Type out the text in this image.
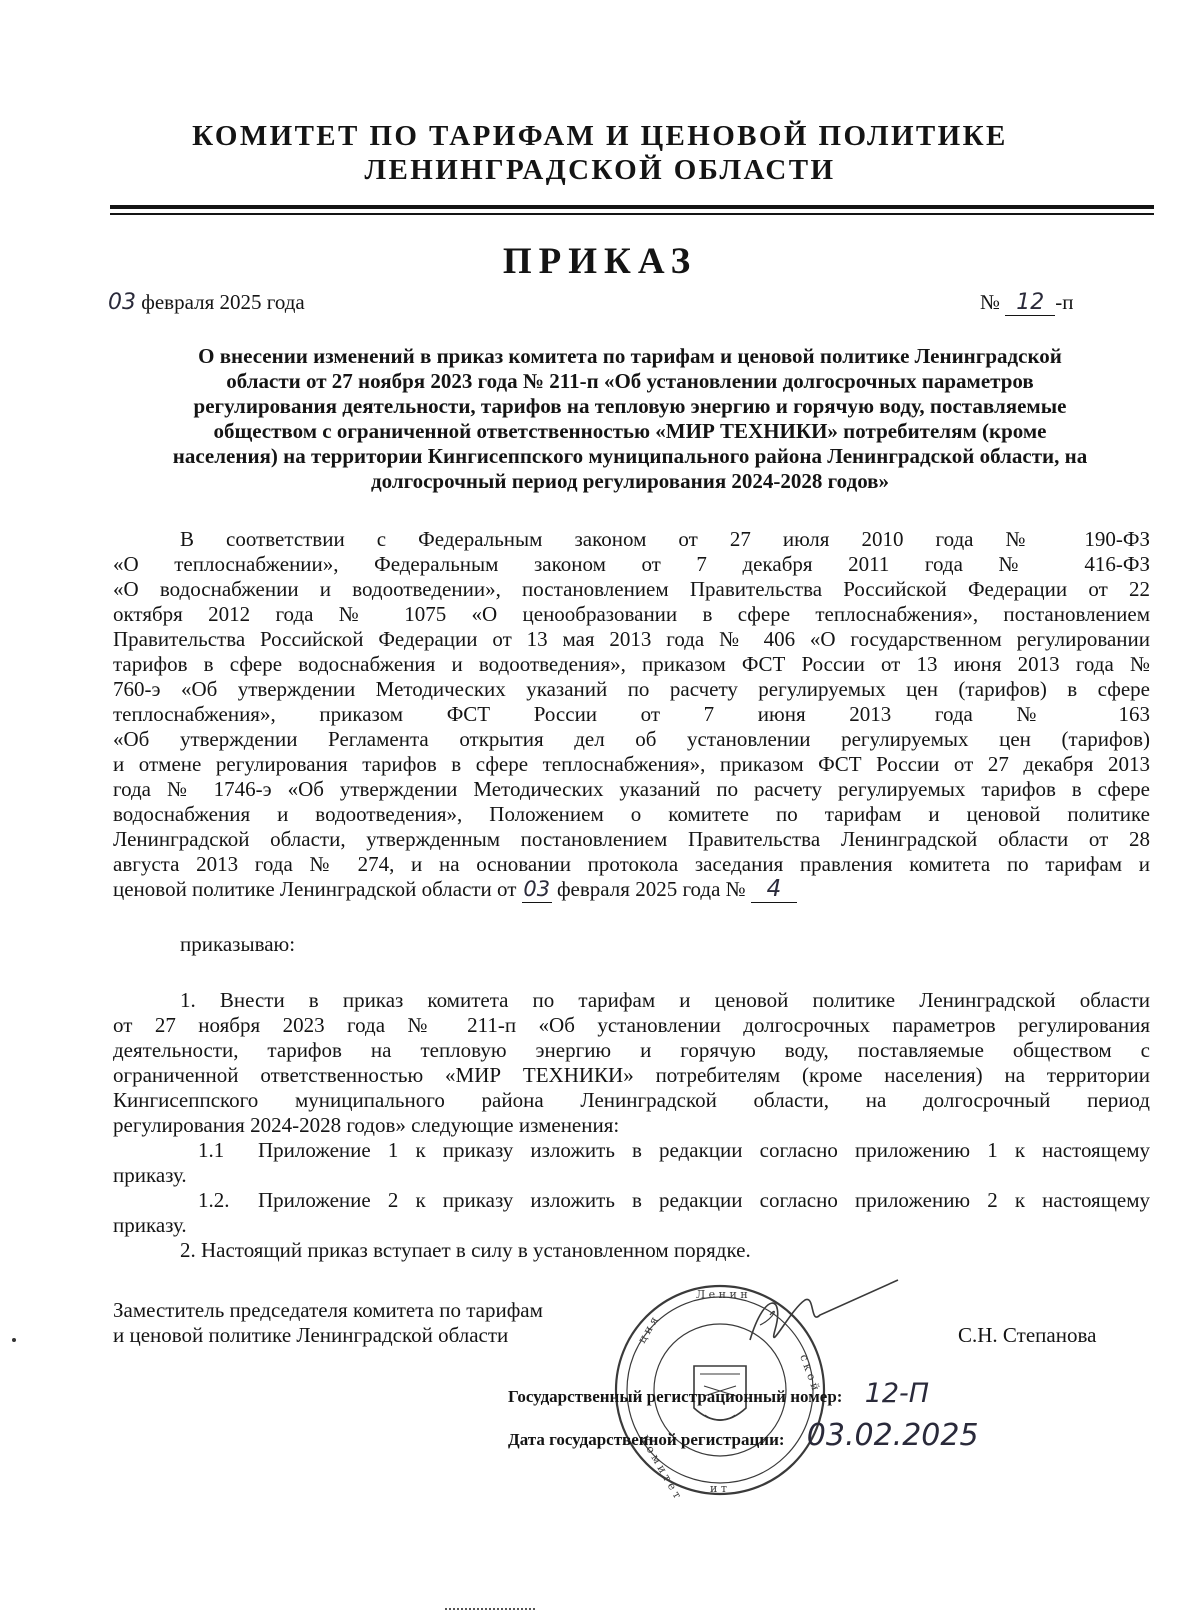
КОМИТЕТ ПО ТАРИФАМ И ЦЕНОВОЙ ПОЛИТИКЕ
ЛЕНИНГРАДСКОЙ ОБЛАСТИ
ПРИКАЗ
03 февраля 2025 года	№ 12 -п
О внесении изменений в приказ комитета по тарифам и ценовой политике Ленинградской
области от 27 ноября 2023 года № 211-п «Об установлении долгосрочных параметров
регулирования деятельности, тарифов на тепловую энергию и горячую воду, поставляемые
обществом с ограниченной ответственностью «МИР ТЕХНИКИ» потребителям (кроме
населения) на территории Кингисеппского муниципального района Ленинградской области, на
долгосрочный период регулирования 2024-2028 годов»
В соответствии с Федеральным законом от 27 июля 2010 года № 190-ФЗ
«О теплоснабжении», Федеральным законом от 7 декабря 2011 года № 416-ФЗ
«О водоснабжении и водоотведении», постановлением Правительства Российской Федерации от 22
октября 2012 года № 1075 «О ценообразовании в сфере теплоснабжения», постановлением
Правительства Российской Федерации от 13 мая 2013 года № 406 «О государственном регулировании
тарифов в сфере водоснабжения и водоотведения», приказом ФСТ России от 13 июня 2013 года №
760-э «Об утверждении Методических указаний по расчету регулируемых цен (тарифов) в сфере
теплоснабжения», приказом ФСТ России от 7 июня 2013 года № 163
«Об утверждении Регламента открытия дел об установлении регулируемых цен (тарифов)
и отмене регулирования тарифов в сфере теплоснабжения», приказом ФСТ России от 27 декабря 2013
года № 1746-э «Об утверждении Методических указаний по расчету регулируемых тарифов в сфере
водоснабжения и водоотведения», Положением о комитете по тарифам и ценовой политике
Ленинградской области, утвержденным постановлением Правительства Ленинградской области от 28
августа 2013 года № 274, и на основании протокола заседания правления комитета по тарифам и
ценовой политике Ленинградской области от 03 февраля 2025 года № 4
приказываю:
1. Внести в приказ комитета по тарифам и ценовой политике Ленинградской области
от 27 ноября 2023 года № 211-п «Об установлении долгосрочных параметров регулирования
деятельности, тарифов на тепловую энергию и горячую воду, поставляемые обществом с
ограниченной ответственностью «МИР ТЕХНИКИ» потребителям (кроме населения) на территории
Кингисеппского муниципального района Ленинградской области, на долгосрочный период
регулирования 2024-2028 годов» следующие изменения:
1.1	Приложение 1 к приказу изложить в редакции согласно приложению 1 к настоящему
приказу.
1.2.	Приложение 2 к приказу изложить в редакции согласно приложению 2 к настоящему
приказу.
2. Настоящий приказ вступает в силу в установленном порядке.
Заместитель председателя комитета по тарифам
и ценовой политике Ленинградской области	С.Н. Степанова
Л е н и н
ц и я
с к о й
К о м и т е т и т
Государственный регистрационный номер: 12-П
Дата государственной регистрации: 03.02.2025
